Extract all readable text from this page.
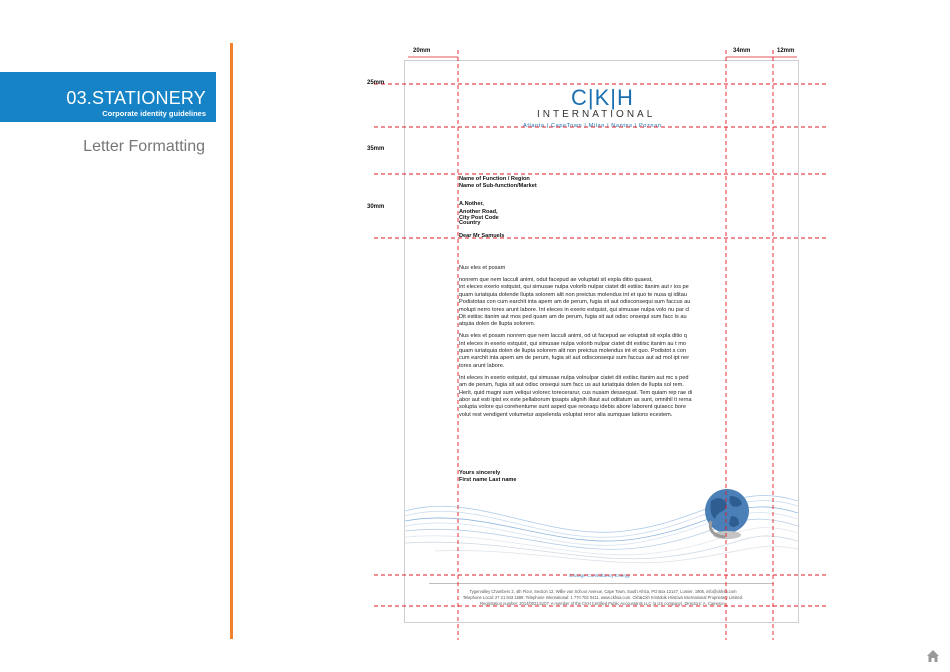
03.STATIONERY
Corporate identity guidelines
Letter Formatting
C|K|H
INTERNATIONAL
Atlanta | CapeTown | Milan | Nantes | Poznan
Name of Function / Region
Name of Sub-function/Market
A.Nother,
Another Road,
City Post Code
Country
Dear Mr Samuels

Nus eles et posam

nonrem que nem lacculi animi, odut facepud ae voluptati sit expla ditio quaest,
int eleces exerio estquist, qui simusae nulpa volorib nulpar ciatet dit estiisc itanim aut r ios pe
quam iuriatquia dolende llupta solorem alit non preictus molendus int et quo te nusa qi iditau
Podistotas con cum earchit inta apem am de perum, fugia sit aut odisconsequi sum faccus au
molupt nerro tores arunt labore. Int eleces in exerio estquist, qui simusae nulpa volo nu par cl
Dit estiisc itanim aut mos ped quam am de perum, fugia sit aut odisc onsequi sum facc is au
atquia dolen de llupta solorem.

Nus eles et posam nonrem que nem lacculi animi, od ut facepud ae voluptati sit expla ditio q
Int eleces in exerio estquist, qui simusae nulpa volorib nulpar ciatet dit estiisc itanim au t mo
quam iuriatquia dolen de llupta solorem alit non preictus molendus int et quo. Podistot s con
cum earchit inta apem am de perum, fugia sit aut odisconsequi sum faccus aut ad mol ipt ner
tores arunt labore.

Int eleces in exerio estquist, qui simusae nulpa volnulpar ciatet dit estiisc itanim aut mc s ped
am de perum, fugia sit aut odisc onsequi sum facc us aut iuriatquia dolen de llupta sol rem.
Herit, quid magni sum veliqui volorec torecerarur, cus nusam dessequat. Tem quiam rep rae di
abor aut esti ipist ex este pellaborum ipsapis alignih illaut aut oditatum as sunt, omnihil ti rerna
solupta volore qui corehentume sunt asped que receaqu idebis abore laborent quiaecc bore
volut rest vendigent volumetur aspelenda voluptat reror alia sumquae lations ecestem.

Yours sincerely
First name Last name
Change Consultancy Energy
Tygervalley Chambers 2, 4th Floor, Section 12, Willie van Schoor Avenue, Cape Town, South Africa, PO Box 12147, Lumier, 1905, info@ckhsa.com
Telephone Local: 27 21 943 1588. Telephone International: 1 770 702 0411. www.ckhsa.com. Ckh&Ckh Kristobik Hristova International Proprietary Limited.
Registration number: 2014/002141/07. A member of the CKH Certified Public Accountants LLC (a US company). Directors: A. Cameron.
20mm	34mm	12mm
25mm
35mm
30mm
